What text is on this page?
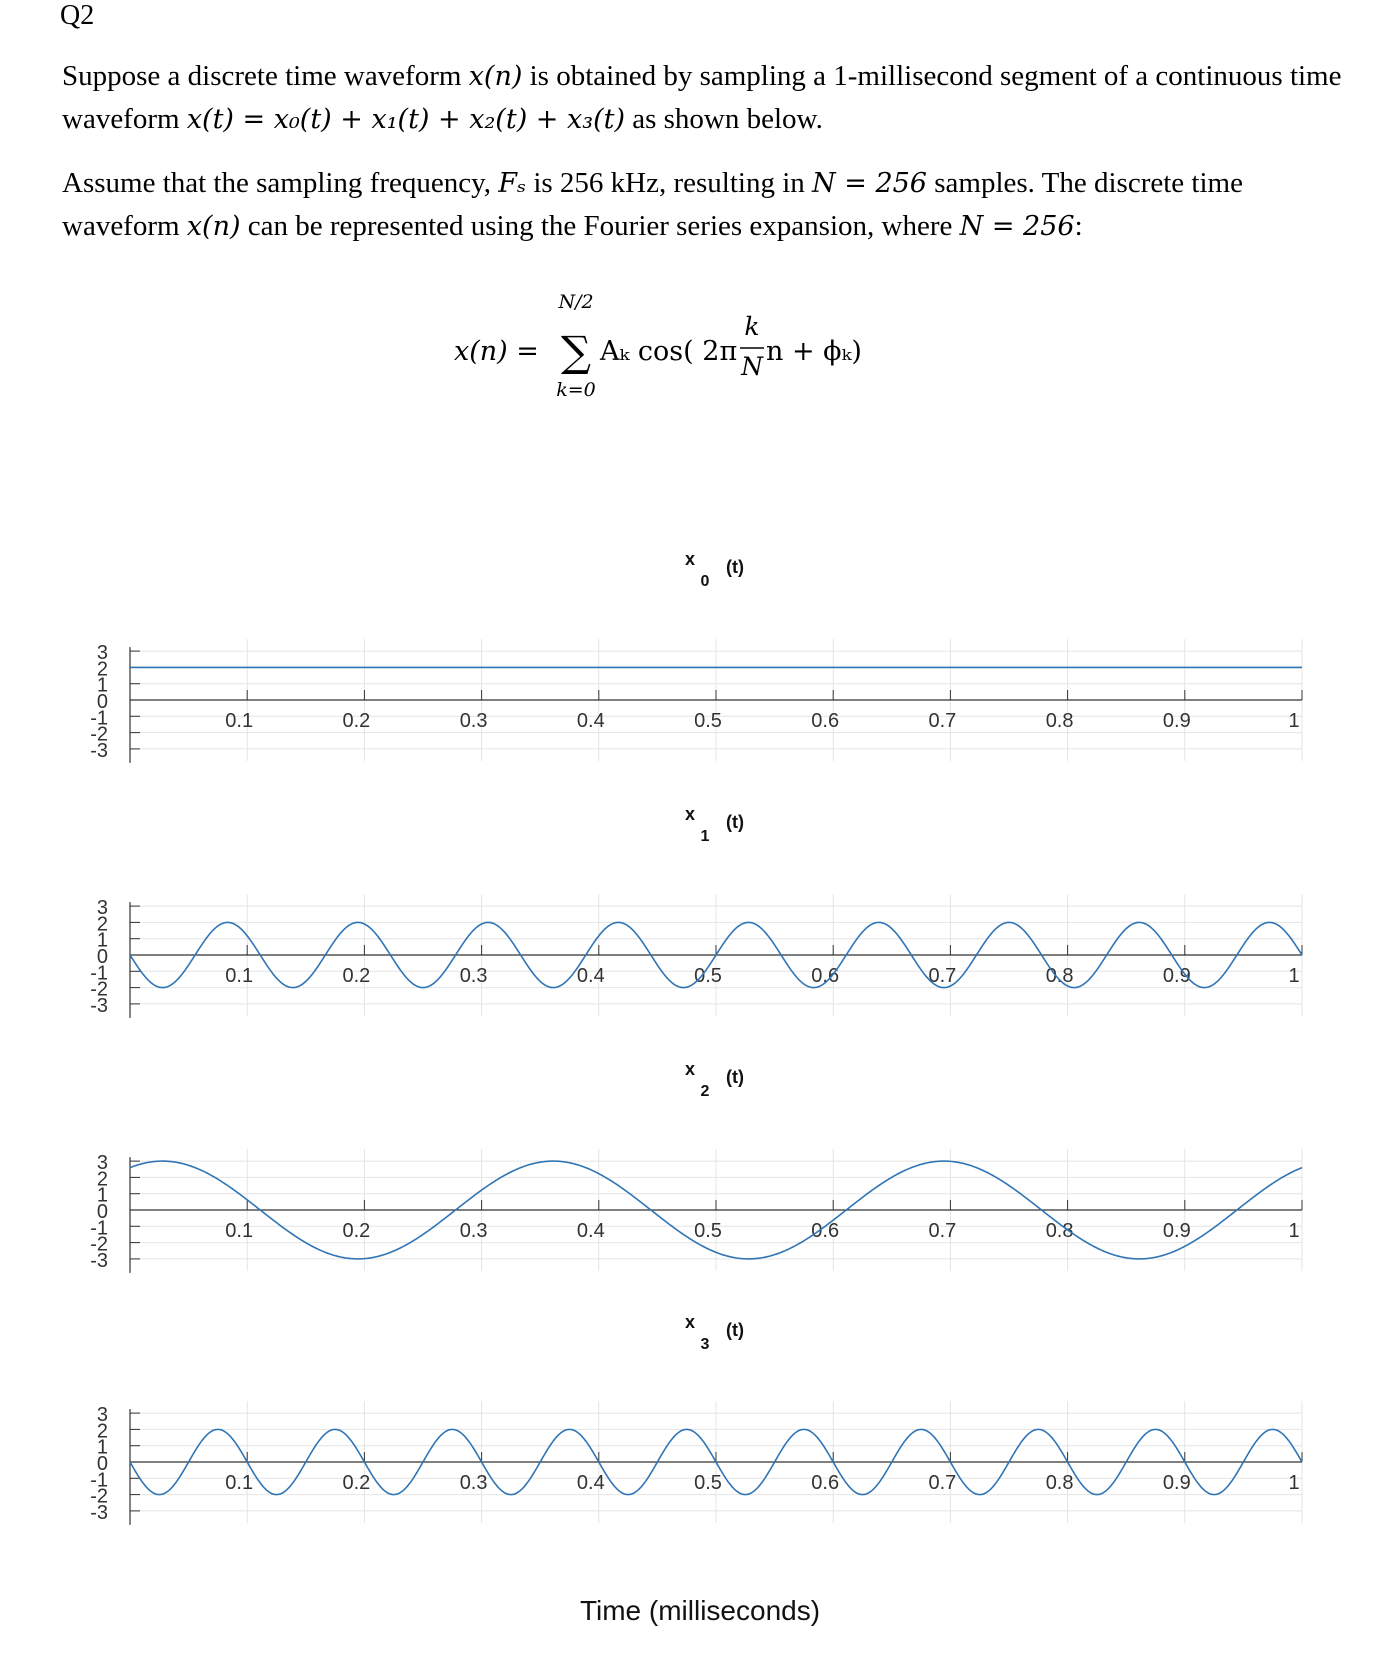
Q2
Suppose a discrete time waveform x(n) is obtained by sampling a 1-millisecond segment of a continuous time waveform x(t) = x₀(t) + x₁(t) + x₂(t) + x₃(t) as shown below.
Assume that the sampling frequency, Fₛ is 256 kHz, resulting in N = 256 samples. The discrete time waveform x(n) can be represented using the Fourier series expansion, where N = 256:
x(n) =
N/2
∑
k=0
Aₖ cos( 2π
k
N n + ϕₖ)
3
2
1
0
-1
-2
-3
0.1	0.2	0.3	0.4	0.5	0.6	0.7	0.8	0.9	1
x
0
(t)
3
2
1
0
-1
-2
-3
0.1	0.2	0.3	0.4	0.5	0.6	0.7	0.8	0.9	1
x
1
(t)
3
2
1
0
-1
-2
-3
0.1	0.2	0.3	0.4	0.5	0.6	0.7	0.8	0.9	1
x
2
(t)
3
2
1
0
-1
-2
-3
0.1	0.2	0.3	0.4	0.5	0.6	0.7	0.8	0.9	1
x
3
(t)
Time (milliseconds)
